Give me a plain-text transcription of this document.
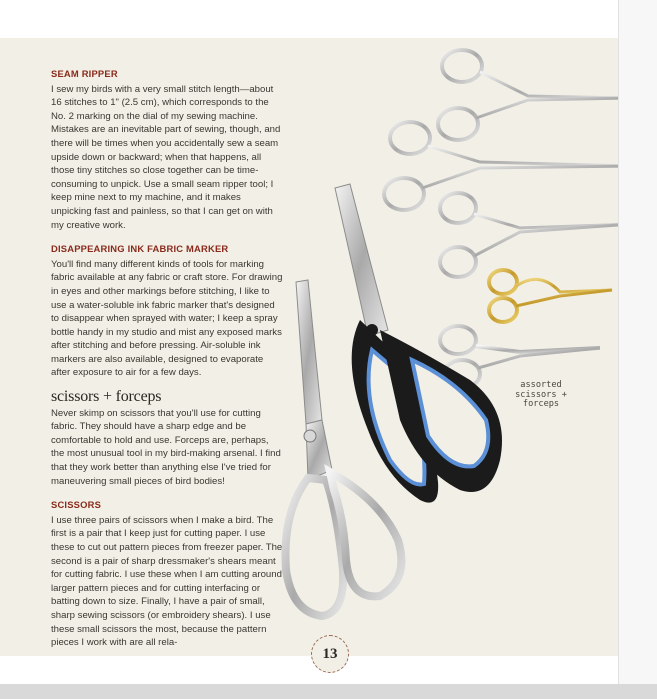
SEAM RIPPER
I sew my birds with a very small stitch length—about 16 stitches to 1" (2.5 cm), which corresponds to the No. 2 marking on the dial of my sewing machine. Mistakes are an inevitable part of sewing, though, and there will be times when you accidentally sew a seam upside down or backward; when that happens, all those tiny stitches so close together can be time-consuming to unpick. Use a small seam ripper tool; I keep mine next to my machine, and it makes unpicking fast and painless, so that I can get on with my creative work.
DISAPPEARING INK FABRIC MARKER
You'll find many different kinds of tools for marking fabric available at any fabric or craft store. For drawing in eyes and other markings before stitching, I like to use a water-soluble ink fabric marker that's designed to disappear when sprayed with water; I keep a spray bottle handy in my studio and mist any exposed marks after stitching and before pressing. Air-soluble ink markers are also available, designed to evaporate after exposure to air for a few days.
scissors + forceps
Never skimp on scissors that you'll use for cutting fabric. They should have a sharp edge and be comfortable to hold and use. Forceps are, perhaps, the most unusual tool in my bird-making arsenal. I find that they work better than anything else I've tried for maneuvering small pieces of bird bodies!
SCISSORS
I use three pairs of scissors when I make a bird. The first is a pair that I keep just for cutting paper. I use these to cut out pattern pieces from freezer paper. The second is a pair of sharp dressmaker's shears meant for cutting fabric. I use these when I am cutting around larger pattern pieces and for cutting interfacing or batting down to size. Finally, I have a pair of small, sharp sewing scissors (or embroidery shears). I use these small scissors the most, because the pattern pieces I work with are all rela-
assorted
scissors +
forceps
13
